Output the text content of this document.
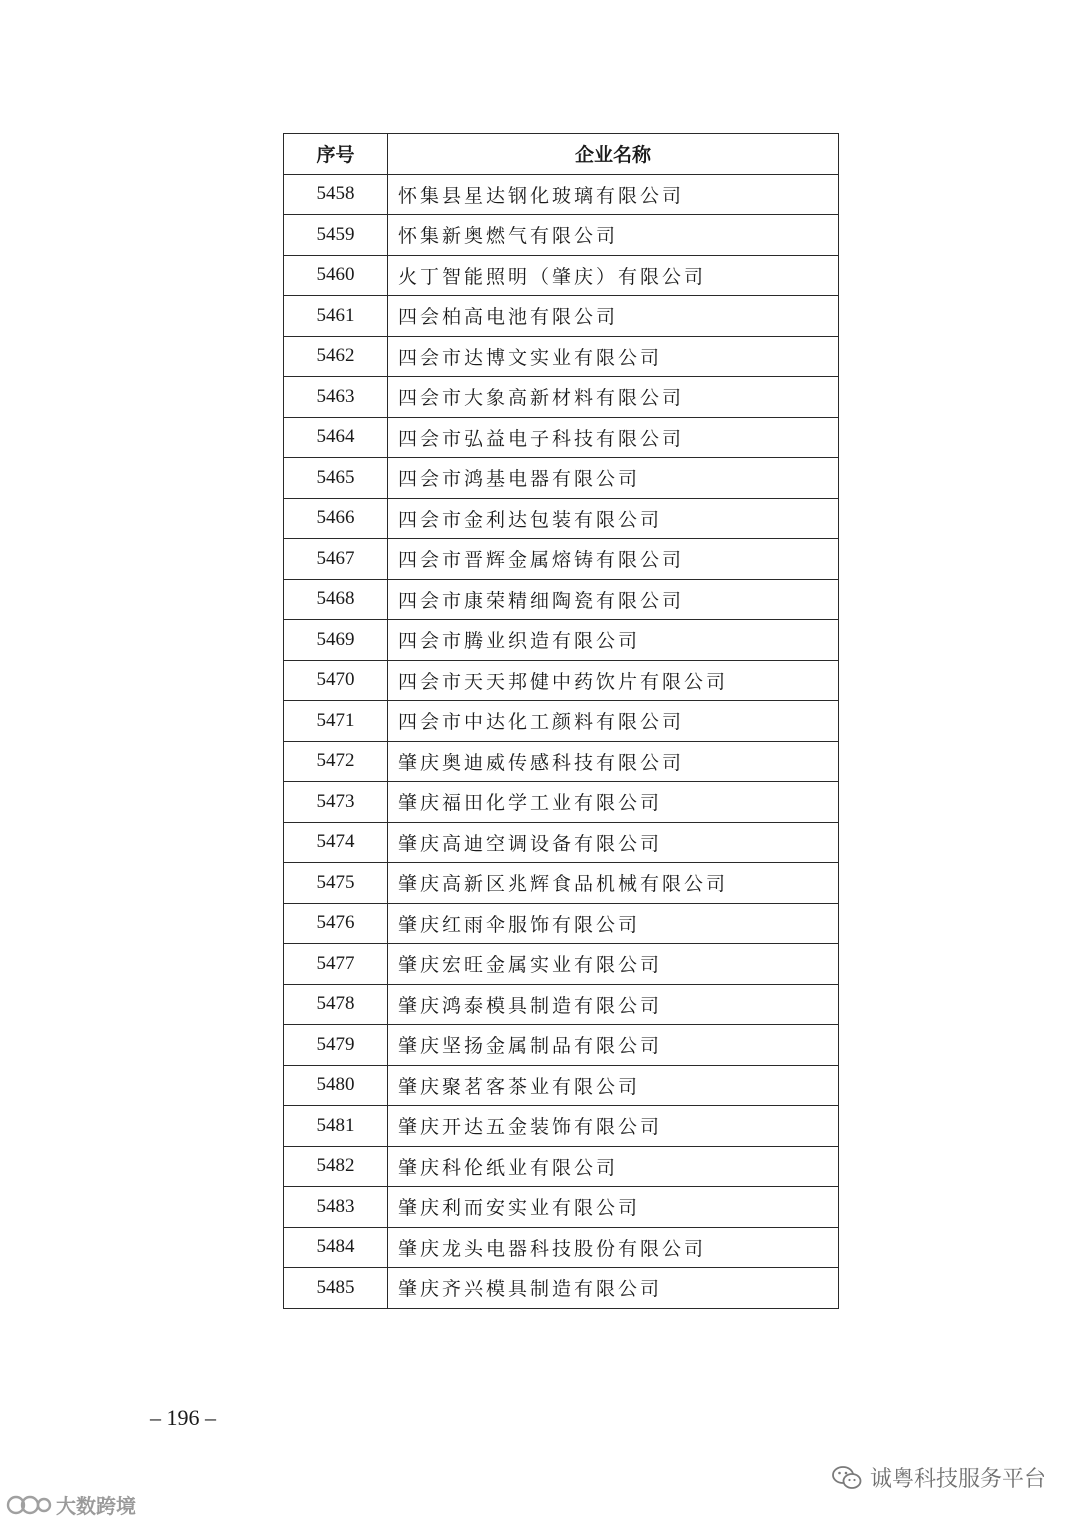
序号	企业名称
5458	怀集县星达钢化玻璃有限公司
5459	怀集新奥燃气有限公司
5460	火丁智能照明（肇庆）有限公司
5461	四会柏高电池有限公司
5462	四会市达博文实业有限公司
5463	四会市大象高新材料有限公司
5464	四会市弘益电子科技有限公司
5465	四会市鸿基电器有限公司
5466	四会市金利达包装有限公司
5467	四会市晋辉金属熔铸有限公司
5468	四会市康荣精细陶瓷有限公司
5469	四会市腾业织造有限公司
5470	四会市天天邦健中药饮片有限公司
5471	四会市中达化工颜料有限公司
5472	肇庆奥迪威传感科技有限公司
5473	肇庆福田化学工业有限公司
5474	肇庆高迪空调设备有限公司
5475	肇庆高新区兆辉食品机械有限公司
5476	肇庆红雨伞服饰有限公司
5477	肇庆宏旺金属实业有限公司
5478	肇庆鸿泰模具制造有限公司
5479	肇庆坚扬金属制品有限公司
5480	肇庆聚茗客茶业有限公司
5481	肇庆开达五金装饰有限公司
5482	肇庆科伦纸业有限公司
5483	肇庆利而安实业有限公司
5484	肇庆龙头电器科技股份有限公司
5485	肇庆齐兴模具制造有限公司
– 196 –
诚粤科技服务平台
大数跨境
